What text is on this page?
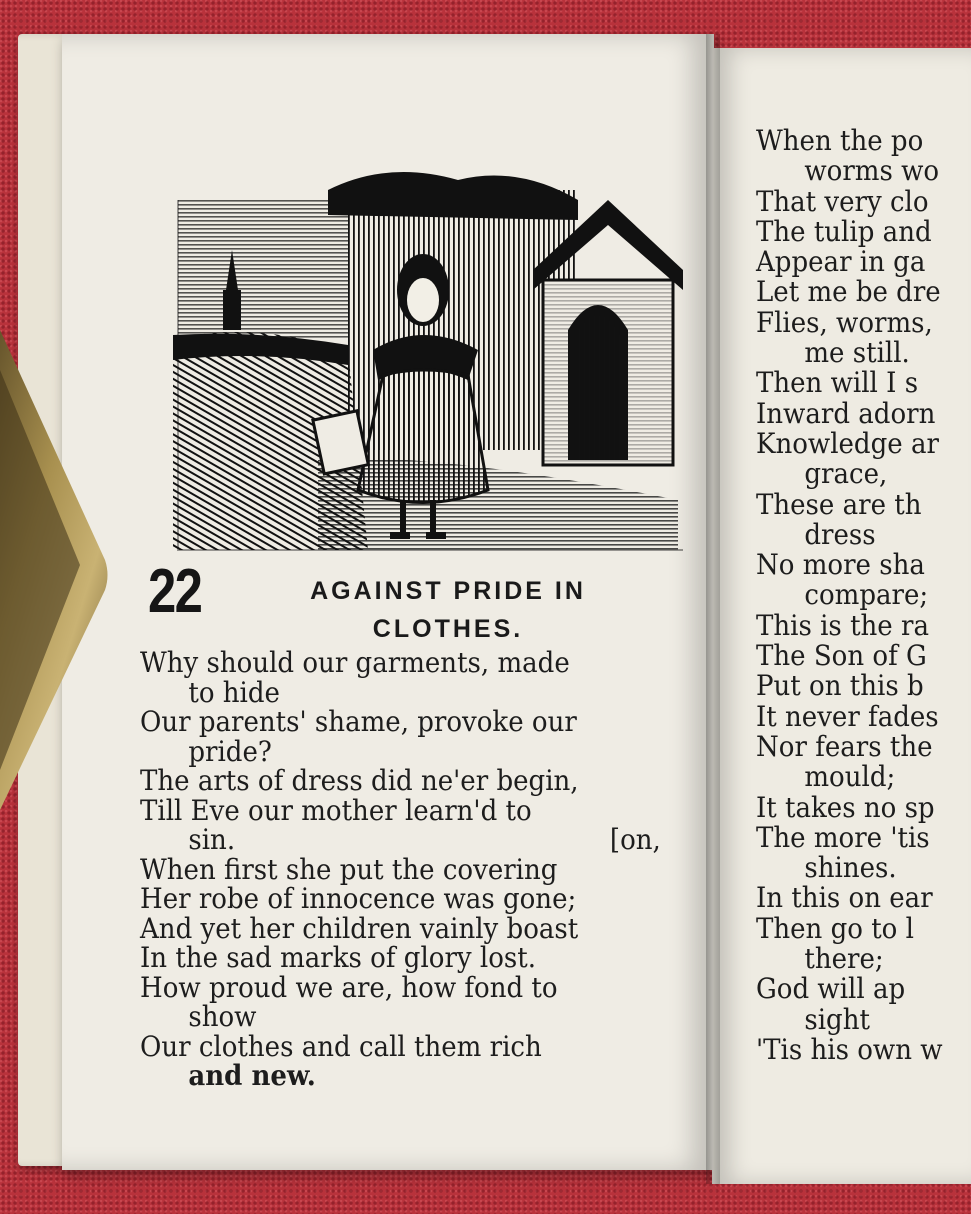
22	AGAINST PRIDE IN
CLOTHES.
Why should our garments, made
to hide
Our parents' shame, provoke our
pride?
The arts of dress did ne'er begin,
Till Eve our mother learn'd to
sin.	[on,
When first she put the covering
Her robe of innocence was gone;
And yet her children vainly boast
In the sad marks of glory lost.
How proud we are, how fond to
show
Our clothes and call them rich
and new.
When the po
worms wo
That very clo
The tulip and
Appear in ga
Let me be dre
Flies, worms,
me still.
Then will I s
Inward adorn
Knowledge ar
grace,
These are th
dress
No more sha
compare;
This is the ra
The Son of G
Put on this b
It never fades
Nor fears the
mould;
It takes no sp
The more 'tis
shines.
In this on ear
Then go to l
there;
God will ap
sight
'Tis his own w
